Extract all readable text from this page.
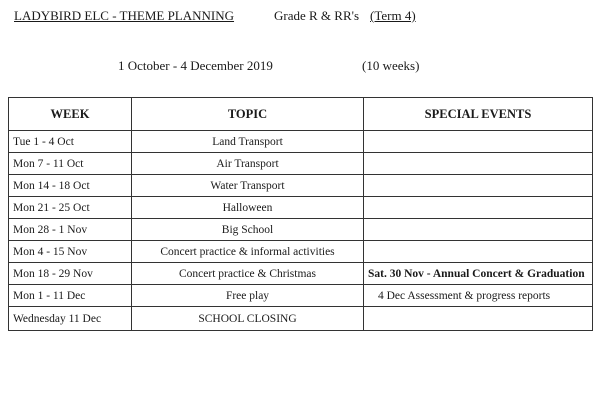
LADYBIRD ELC - THEME PLANNING	Grade R & RR's (Term 4)
1 October - 4 December 2019	(10 weeks)
WEEK	TOPIC	SPECIAL EVENTS
Tue 1 - 4 Oct	Land Transport	
Mon 7 - 11 Oct	Air Transport	
Mon 14 - 18 Oct	Water Transport	
Mon 21 - 25 Oct	Halloween	
Mon 28 - 1 Nov	Big School	
Mon 4 - 15 Nov	Concert practice & informal activities	
Mon 18 - 29 Nov	Concert practice & Christmas	Sat. 30 Nov - Annual Concert & Graduation
Mon 1 - 11 Dec	Free play	4 Dec Assessment & progress reports
Wednesday 11 Dec	SCHOOL CLOSING	
